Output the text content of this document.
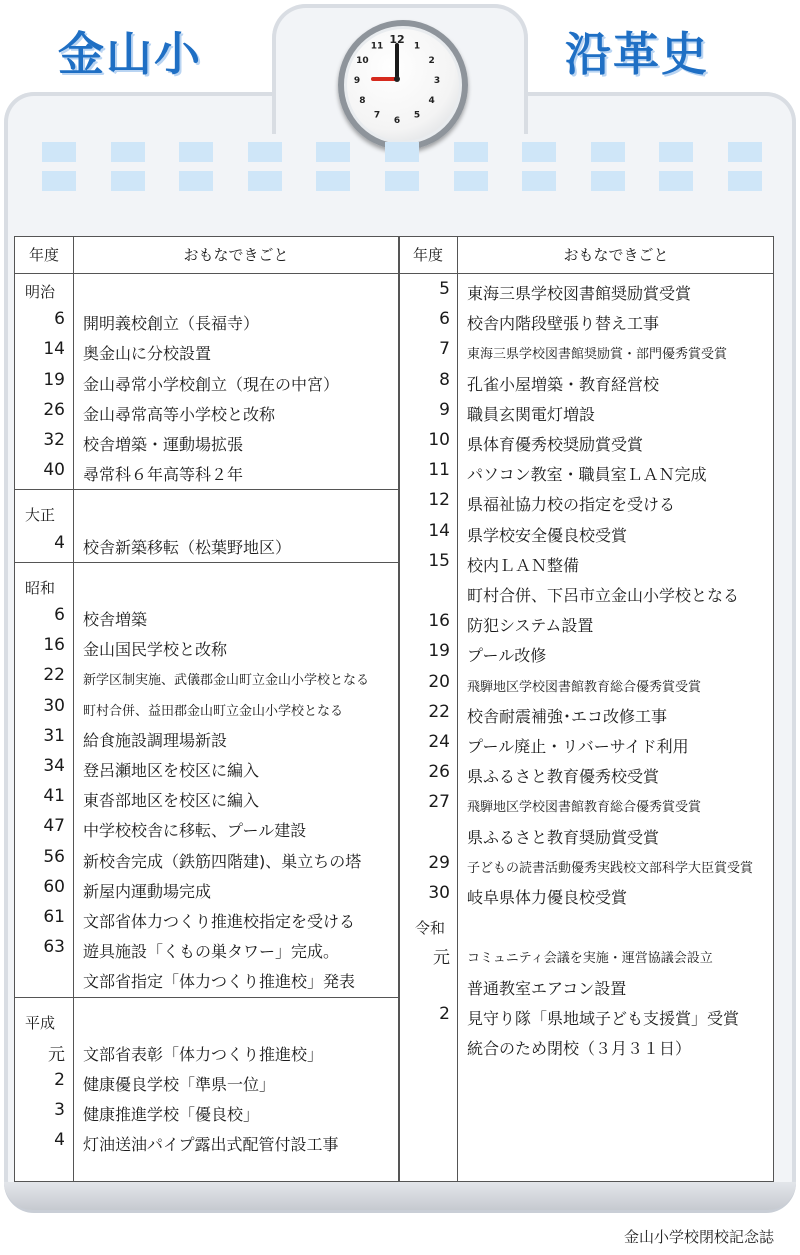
金山小	沿革史
1
2
3
4
5
6
7
8
9
10
11
12
年度	おもなできごと	年度	おもなできごと
明治
6 開明義校創立（長福寺）
14 奥金山に分校設置
19 金山尋常小学校創立（現在の中宮）
26 金山尋常高等小学校と改称
32 校舎増築・運動場拡張
40 尋常科６年高等科２年
大正
4 校舎新築移転（松葉野地区）
昭和
6 校舎増築
16 金山国民学校と改称
22 新学区制実施、武儀郡金山町立金山小学校となる
30 町村合併、益田郡金山町立金山小学校となる
31 給食施設調理場新設
34 登呂瀬地区を校区に編入
41 東沓部地区を校区に編入
47 中学校校舎に移転、プール建設
56 新校舎完成（鉄筋四階建)、巣立ちの塔
60 新屋内運動場完成
61 文部省体力つくり推進校指定を受ける
63 遊具施設「くもの巣タワー」完成。
文部省指定「体力つくり推進校」発表
平成
元 文部省表彰「体力つくり推進校」
2 健康優良学校「準県一位」
3 健康推進学校「優良校」
4 灯油送油パイプ露出式配管付設工事
5 東海三県学校図書館奨励賞受賞
6 校舎内階段壁張り替え工事
7 東海三県学校図書館奨励賞・部門優秀賞受賞
8 孔雀小屋増築・教育経営校
9 職員玄関電灯増設
10 県体育優秀校奨励賞受賞
11 パソコン教室・職員室ＬＡＮ完成
12 県福祉協力校の指定を受ける
14 県学校安全優良校受賞
15 校内ＬＡＮ整備
町村合併、下呂市立金山小学校となる
16 防犯システム設置
19 プール改修
20 飛騨地区学校図書館教育総合優秀賞受賞
22 校舎耐震補強･エコ改修工事
24 プール廃止・リバーサイド利用
26 県ふるさと教育優秀校受賞
27 飛騨地区学校図書館教育総合優秀賞受賞
県ふるさと教育奨励賞受賞
29 子どもの読書活動優秀実践校文部科学大臣賞受賞
30 岐阜県体力優良校受賞
令和
元 コミュニティ会議を実施・運営協議会設立
普通教室エアコン設置
2 見守り隊「県地域子ども支援賞」受賞
統合のため閉校（３月３１日）
金山小学校閉校記念誌
